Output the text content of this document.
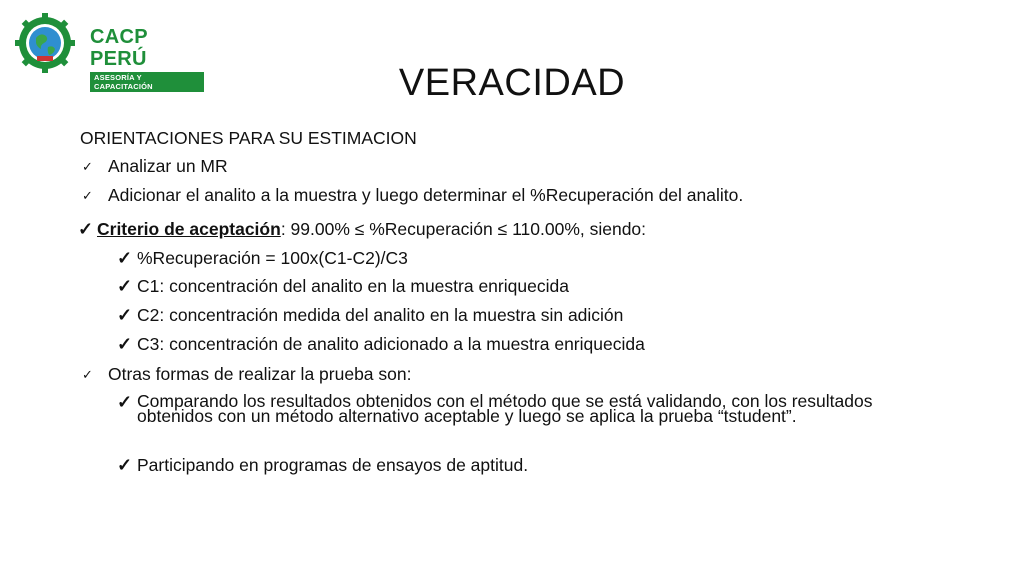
CACP PERÚ
ASESORÍA Y CAPACITACIÓN	VERACIDAD
ORIENTACIONES PARA SU ESTIMACION
✓ Analizar un MR
✓ Adicionar el analito a la muestra y luego determinar el %Recuperación del analito.
✓ Criterio de aceptación: 99.00% ≤ %Recuperación ≤ 110.00%, siendo:
✓ %Recuperación = 100x(C1-C2)/C3
✓ C1: concentración del analito en la muestra enriquecida
✓ C2: concentración medida del analito en la muestra sin adición
✓ C3: concentración de analito adicionado a la muestra enriquecida
✓ Otras formas de realizar la prueba son:
✓ Comparando los resultados obtenidos con el método que se está validando, con los resultados obtenidos con un método alternativo aceptable y luego se aplica la prueba “tstudent”.
✓ Participando en programas de ensayos de aptitud.
